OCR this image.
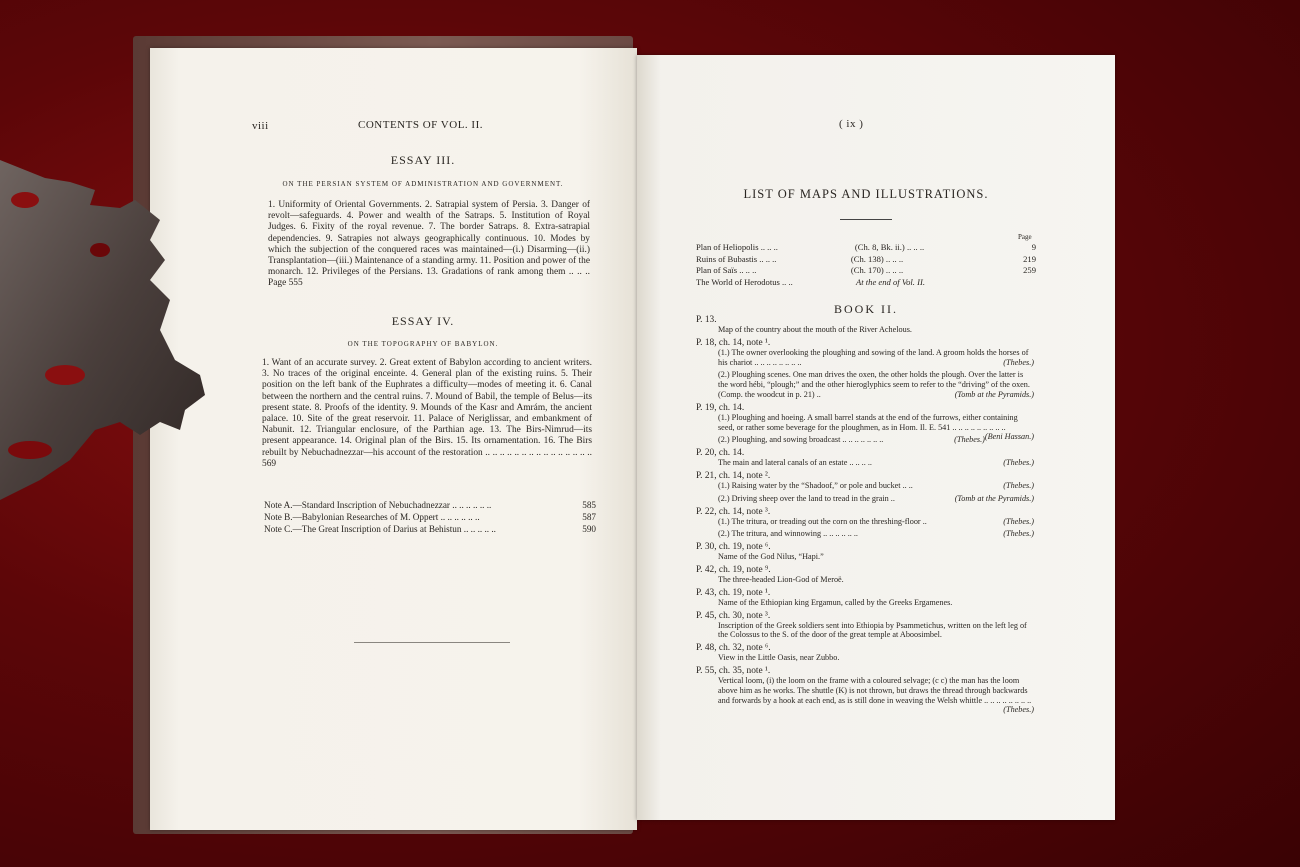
viii	CONTENTS OF VOL. II.
ESSAY III.
ON THE PERSIAN SYSTEM OF ADMINISTRATION AND GOVERNMENT.
1. Uniformity of Oriental Governments. 2. Satrapial system of Persia. 3. Danger of revolt—safeguards. 4. Power and wealth of the Satraps. 5. Institution of Royal Judges. 6. Fixity of the royal revenue. 7. The border Satraps. 8. Extra-satrapial dependencies. 9. Satrapies not always geographically continuous. 10. Modes by which the subjection of the conquered races was maintained—(i.) Disarming—(ii.) Transplantation—(iii.) Maintenance of a standing army. 11. Position and power of the monarch. 12. Privileges of the Persians. 13. Gradations of rank among them .. .. .. Page 555
ESSAY IV.
ON THE TOPOGRAPHY OF BABYLON.
1. Want of an accurate survey. 2. Great extent of Babylon according to ancient writers. 3. No traces of the original enceinte. 4. General plan of the existing ruins. 5. Their position on the left bank of the Euphrates a difficulty—modes of meeting it. 6. Canal between the northern and the central ruins. 7. Mound of Babil, the temple of Belus—its present state. 8. Proofs of the identity. 9. Mounds of the Kasr and Amrám, the ancient palace. 10. Site of the great reservoir. 11. Palace of Neriglissar, and embankment of Nabunit. 12. Triangular enclosure, of the Parthian age. 13. The Birs-Nimrud—its present appearance. 14. Original plan of the Birs. 15. Its ornamentation. 16. The Birs rebuilt by Nebuchadnezzar—his account of the restoration .. .. .. .. .. .. .. .. .. .. .. .. .. .. .. 569
Note A.—Standard Inscription of Nebuchadnezzar .. .. .. .. .. ..	585
Note B.—Babylonian Researches of M. Oppert .. .. .. .. .. ..	587
Note C.—The Great Inscription of Darius at Behistun .. .. .. .. ..	590
( ix )
LIST OF MAPS AND ILLUSTRATIONS.
Page
Plan of Heliopolis .. .. ..	(Ch. 8, Bk. ii.) .. .. ..	9
Ruins of Bubastis .. .. ..	(Ch. 138) .. .. ..	219
Plan of Saïs .. .. ..	(Ch. 170) .. .. ..	259
The World of Herodotus .. ..	At the end of Vol. II.
BOOK II.
P. 13.
Map of the country about the mouth of the River Achelous.
P. 18, ch. 14, note ¹.
(1.) The owner overlooking the ploughing and sowing of the land. A groom holds the horses of his chariot .. .. .. .. .. .. .. ..	(Thebes.)
(2.) Ploughing scenes. One man drives the oxen, the other holds the plough. Over the latter is the word hébi, “plough;” and the other hieroglyphics seem to refer to the “driving” of the oxen. (Comp. the woodcut in p. 21) ..	(Tomb at the Pyramids.)
P. 19, ch. 14.
(1.) Ploughing and hoeing. A small barrel stands at the end of the furrows, either containing seed, or rather some beverage for the ploughmen, as in Hom. Il. E. 541 .. .. .. .. .. .. .. .. ..
(Beni Hassan.)
(2.) Ploughing, and sowing broadcast .. .. .. .. .. .. ..	(Thebes.)
P. 20, ch. 14.
The main and lateral canals of an estate .. .. .. ..	(Thebes.)
P. 21, ch. 14, note ².
(1.) Raising water by the “Shadoof,” or pole and bucket .. ..	(Thebes.)
(2.) Driving sheep over the land to tread in the grain ..	(Tomb at the Pyramids.)
P. 22, ch. 14, note ³.
(1.) The tritura, or treading out the corn on the threshing-floor ..	(Thebes.)
(2.) The tritura, and winnowing .. .. .. .. .. ..	(Thebes.)
P. 30, ch. 19, note ⁶.
Name of the God Nilus, “Hapi.”
P. 42, ch. 19, note ⁹.
The three-headed Lion-God of Meroë.
P. 43, ch. 19, note ¹.
Name of the Ethiopian king Ergamun, called by the Greeks Ergamenes.
P. 45, ch. 30, note ³.
Inscription of the Greek soldiers sent into Ethiopia by Psammetichus, written on the left leg of the Colossus to the S. of the door of the great temple at Aboosimbel.
P. 48, ch. 32, note ⁶.
View in the Little Oasis, near Zubbo.
P. 55, ch. 35, note ¹.
Vertical loom, (i) the loom on the frame with a coloured selvage; (c c) the man has the loom above him as he works. The shuttle (K) is not thrown, but draws the thread through backwards and forwards by a hook at each end, as is still done in weaving the Welsh whittle .. .. .. .. .. .. .. ..
(Thebes.)
